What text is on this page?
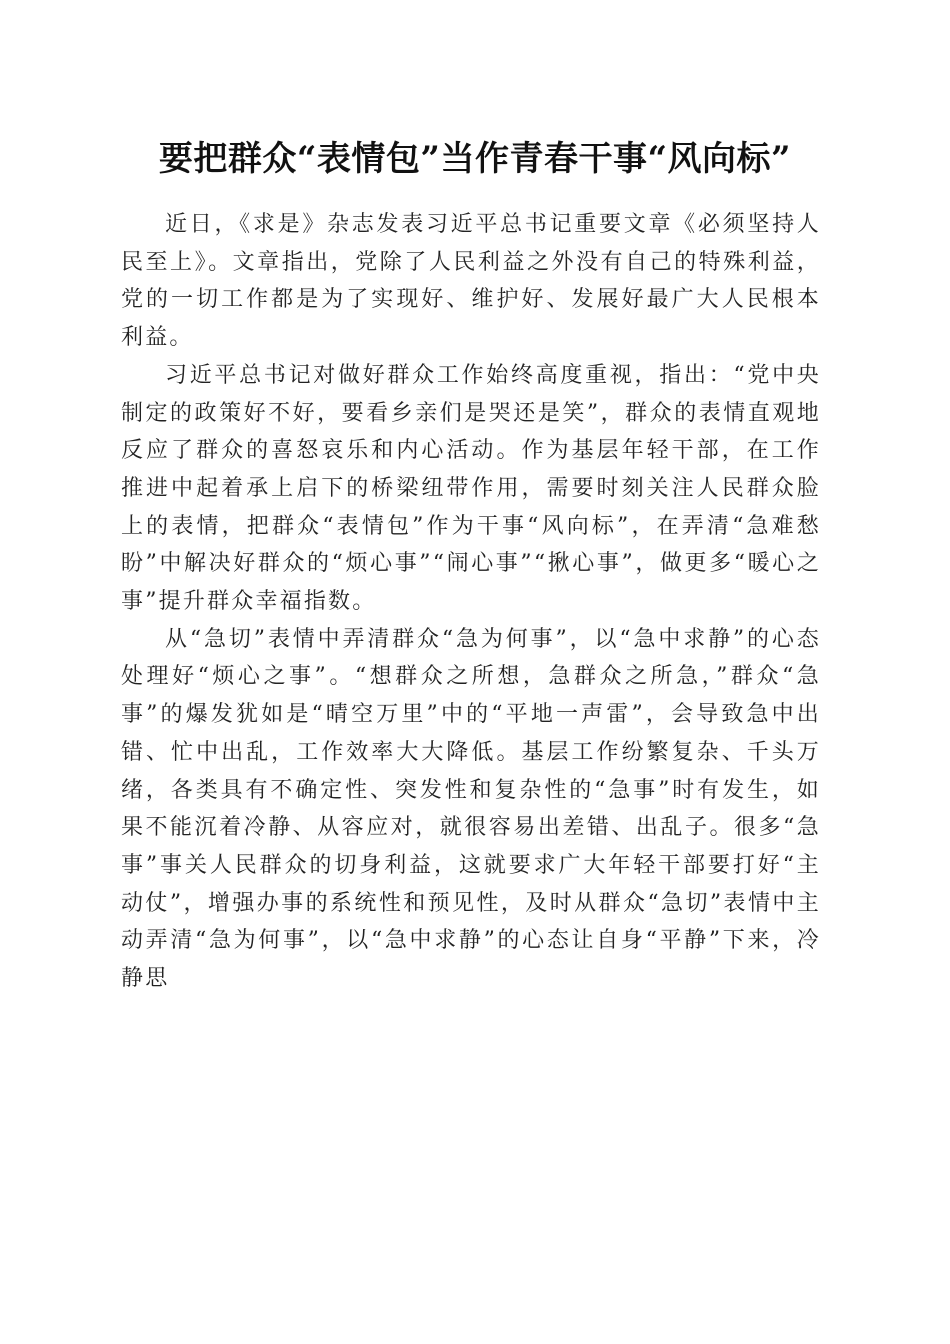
要把群众“表情包”当作青春干事“风向标”

近日，《求是》杂志发表习近平总书记重要文章《必须坚持人民至上》。文章指出，党除了人民利益之外没有自己的特殊利益，党的一切工作都是为了实现好、维护好、发展好最广大人民根本利益。

习近平总书记对做好群众工作始终高度重视，指出：“党中央制定的政策好不好，要看乡亲们是哭还是笑”，群众的表情直观地反应了群众的喜怒哀乐和内心活动。作为基层年轻干部，在工作推进中起着承上启下的桥梁纽带作用，需要时刻关注人民群众脸上的表情，把群众“表情包”作为干事“风向标”，在弄清“急难愁盼”中解决好群众的“烦心事”“闹心事”“揪心事”，做更多“暖心之事”提升群众幸福指数。

从“急切”表情中弄清群众“急为何事”，以“急中求静”的心态处理好“烦心之事”。“想群众之所想，急群众之所急，”群众“急事”的爆发犹如是“晴空万里”中的“平地一声雷”，会导致急中出错、忙中出乱，工作效率大大降低。基层工作纷繁复杂、千头万绪，各类具有不确定性、突发性和复杂性的“急事”时有发生，如果不能沉着冷静、从容应对，就很容易出差错、出乱子。很多“急事”事关人民群众的切身利益，这就要求广大年轻干部要打好“主动仗”，增强办事的系统性和预见性，及时从群众“急切”表情中主动弄清“急为何事”，以“急中求静”的心态让自身“平静”下来，冷静思
